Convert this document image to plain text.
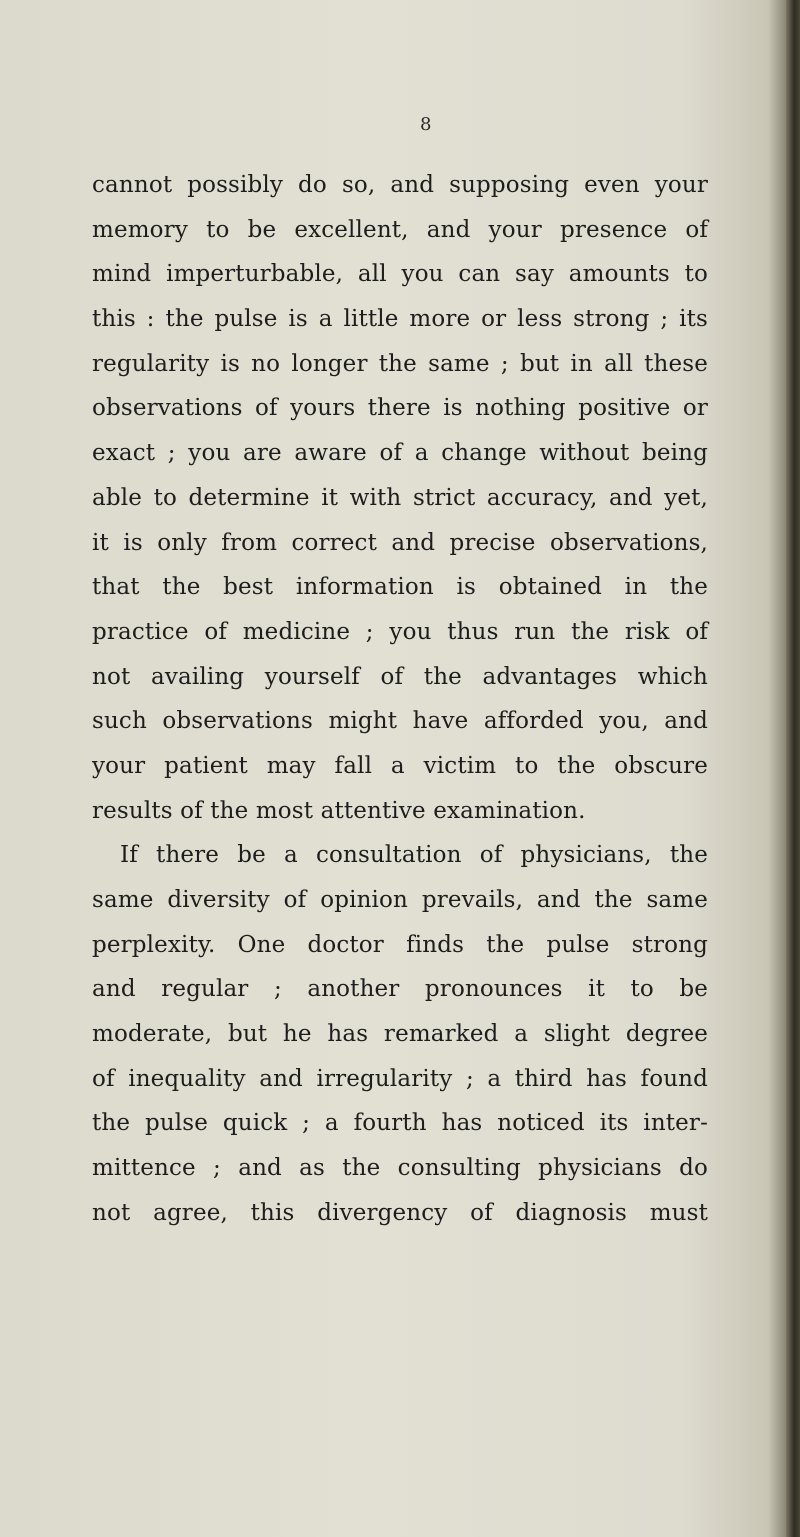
8
cannot possibly do so, and supposing even your
memory to be excellent, and your presence of
mind imperturbable, all you can say amounts to
this : the pulse is a little more or less strong ; its
regularity is no longer the same ; but in all these
observations of yours there is nothing positive or
exact ; you are aware of a change without being
able to determine it with strict accuracy, and yet,
it is only from correct and precise observations,
that the best information is obtained in the
practice of medicine ; you thus run the risk of
not availing yourself of the advantages which
such observations might have afforded you, and
your patient may fall a victim to the obscure
results of the most attentive examination.
If there be a consultation of physicians, the
same diversity of opinion prevails, and the same
perplexity. One doctor finds the pulse strong
and regular ; another pronounces it to be
moderate, but he has remarked a slight degree
of inequality and irregularity ; a third has found
the pulse quick ; a fourth has noticed its inter-
mittence ; and as the consulting physicians do
not agree, this divergency of diagnosis must
